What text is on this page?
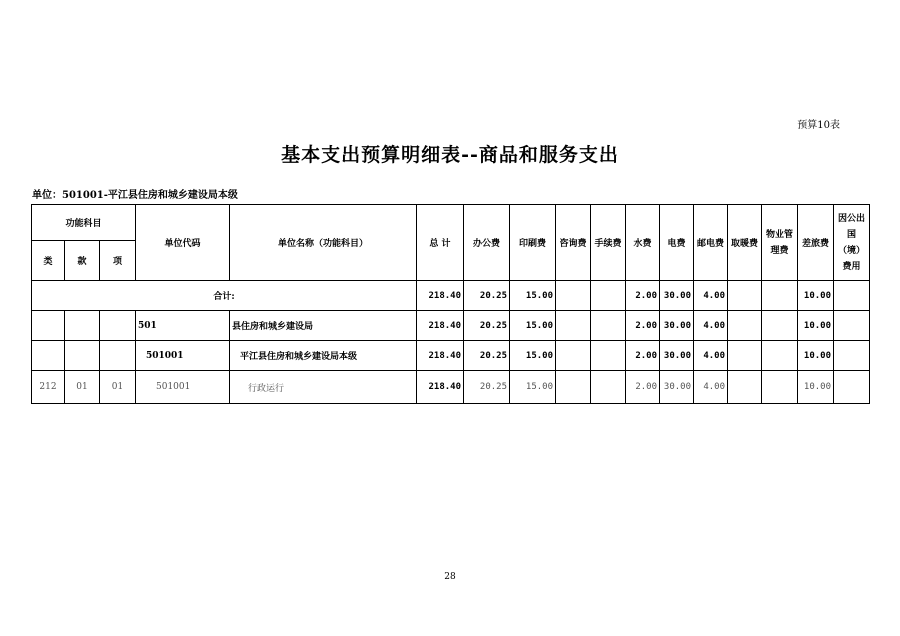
预算10表
基本支出预算明细表--商品和服务支出
单位：501001-平江县住房和城乡建设局本级
功能科目			单位代码	单位名称（功能科目）	总 计	办公费	印刷费	咨询费	手续费	水费	电费	邮电费	取暖费	物业管理费	差旅费	因公出国（境）费用
类	款	项														
合计:					218.40	20.25	15.00			2.00	30.00	4.00			10.00	
			501	县住房和城乡建设局	218.40	20.25	15.00			2.00	30.00	4.00			10.00	
			501001	平江县住房和城乡建设局本级	218.40	20.25	15.00			2.00	30.00	4.00			10.00	
212	01	01	501001	行政运行	218.40	20.25	15.00			2.00	30.00	4.00			10.00	
28
